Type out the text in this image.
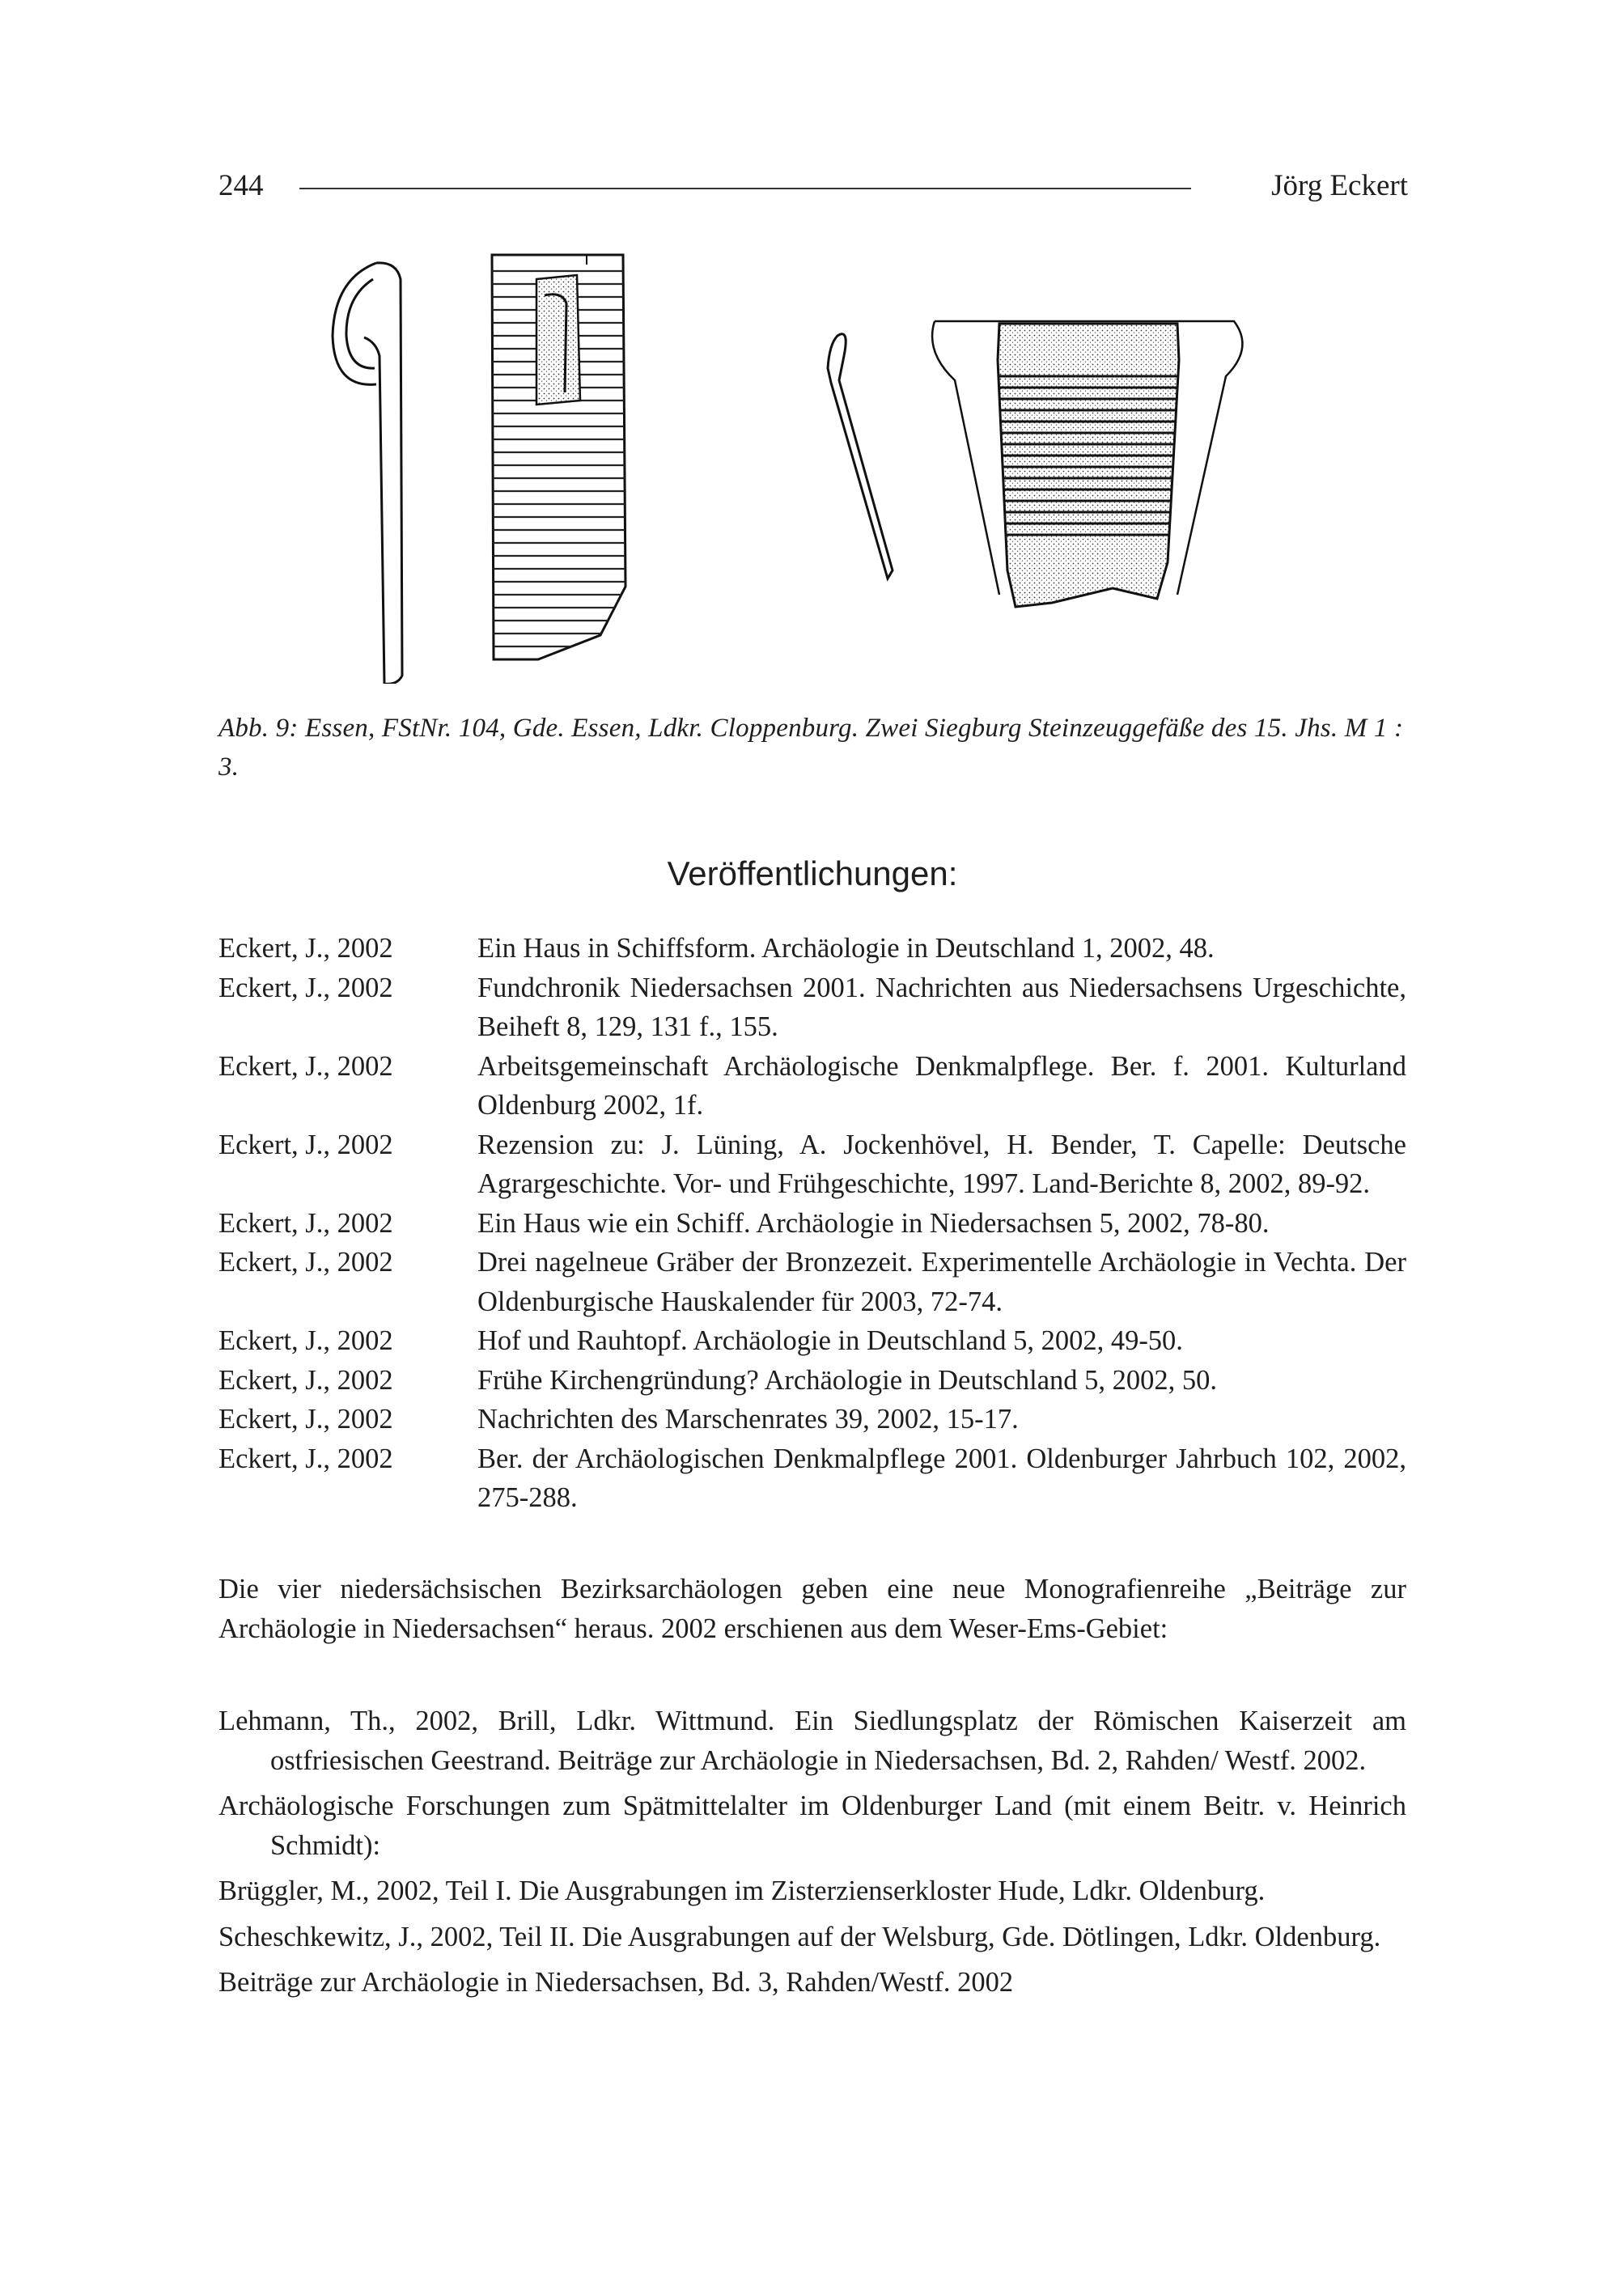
244	Jörg Eckert
Abb. 9: Essen, FStNr. 104, Gde. Essen, Ldkr. Cloppenburg. Zwei Siegburg Steinzeuggefäße des 15. Jhs. M 1 : 3.
Veröffentlichungen:
Eckert, J., 2002	Ein Haus in Schiffsform. Archäologie in Deutschland 1, 2002, 48.
Eckert, J., 2002	Fundchronik Niedersachsen 2001. Nachrichten aus Niedersachsens Urgeschichte, Beiheft 8, 129, 131 f., 155.
Eckert, J., 2002	Arbeitsgemeinschaft Archäologische Denkmalpflege. Ber. f. 2001. Kulturland Oldenburg 2002, 1f.
Eckert, J., 2002	Rezension zu: J. Lüning, A. Jockenhövel, H. Bender, T. Capelle: Deutsche Agrargeschichte. Vor- und Frühgeschichte, 1997. Land-Berichte 8, 2002, 89-92.
Eckert, J., 2002	Ein Haus wie ein Schiff. Archäologie in Niedersachsen 5, 2002, 78-80.
Eckert, J., 2002	Drei nagelneue Gräber der Bronzezeit. Experimentelle Archäologie in Vechta. Der Oldenburgische Hauskalender für 2003, 72-74.
Eckert, J., 2002	Hof und Rauhtopf. Archäologie in Deutschland 5, 2002, 49-50.
Eckert, J., 2002	Frühe Kirchengründung? Archäologie in Deutschland 5, 2002, 50.
Eckert, J., 2002	Nachrichten des Marschenrates 39, 2002, 15-17.
Eckert, J., 2002	Ber. der Archäologischen Denkmalpflege 2001. Oldenburger Jahrbuch 102, 2002, 275-288.

Die vier niedersächsischen Bezirksarchäologen geben eine neue Monografienreihe „Beiträge zur Archäologie in Niedersachsen“ heraus. 2002 erschienen aus dem Weser-Ems-Gebiet:

Lehmann, Th., 2002, Brill, Ldkr. Wittmund. Ein Siedlungsplatz der Römischen Kaiserzeit am ostfriesischen Geestrand. Beiträge zur Archäologie in Niedersachsen, Bd. 2, Rahden/ Westf. 2002.
Archäologische Forschungen zum Spätmittelalter im Oldenburger Land (mit einem Beitr. v. Heinrich Schmidt):
Brüggler, M., 2002, Teil I. Die Ausgrabungen im Zisterzienserkloster Hude, Ldkr. Oldenburg.
Scheschkewitz, J., 2002, Teil II. Die Ausgrabungen auf der Welsburg, Gde. Dötlingen, Ldkr. Oldenburg.
Beiträge zur Archäologie in Niedersachsen, Bd. 3, Rahden/Westf. 2002
